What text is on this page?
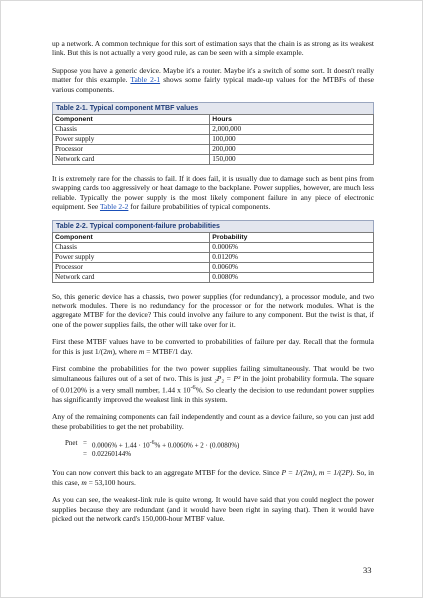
up a network. A common technique for this sort of estimation says that the chain is as strong as its weakest link. But this is not actually a very good rule, as can be seen with a simple example.

Suppose you have a generic device. Maybe it's a router. Maybe it's a switch of some sort. It doesn't really matter for this example. Table 2-1 shows some fairly typical made-up values for the MTBFs of these various components.

Table 2-1. Typical component MTBF values
Component	Hours
Chassis	2,000,000
Power supply	100,000
Processor	200,000
Network card	150,000

It is extremely rare for the chassis to fail. If it does fail, it is usually due to damage such as bent pins from swapping cards too aggressively or heat damage to the backplane. Power supplies, however, are much less reliable. Typically the power supply is the most likely component failure in any piece of electronic equipment. See Table 2-2 for failure probabilities of typical components.

Table 2-2. Typical component-failure probabilities
Component	Probability
Chassis	0.0006%
Power supply	0.0120%
Processor	0.0060%
Network card	0.0080%

So, this generic device has a chassis, two power supplies (for redundancy), a processor module, and two network modules. There is no redundancy for the processor or for the network modules. What is the aggregate MTBF for the device? This could involve any failure to any component. But the twist is that, if one of the power supplies fails, the other will take over for it.

First these MTBF values have to be converted to probabilities of failure per day. Recall that the formula for this is just 1/(2m), where m = MTBF/1 day.

First combine the probabilities for the two power supplies failing simultaneously. That would be two simultaneous failures out of a set of two. This is just ₂P₂ = P² in the joint probability formula. The square of 0.0120% is a very small number, 1.44 x $10^{-6}\%$. So clearly the decision to use redundant power supplies has significantly improved the weakest link in this system.

Any of the remaining components can fail independently and count as a device failure, so you can just add these probabilities to get the net probability.

Pnet = $0.0006\% + 1.44 \cdot 10^{-6}\% + 0.0060\% + 2 \cdot (0.0080\%)$
= 0.02260144%

You can now convert this back to an aggregate MTBF for the device. Since P = 1/(2m), m = 1/(2P). So, in this case, m = 53,100 hours.

As you can see, the weakest-link rule is quite wrong. It would have said that you could neglect the power supplies because they are redundant (and it would have been right in saying that). Then it would have picked out the network card's 150,000-hour MTBF value.

33
